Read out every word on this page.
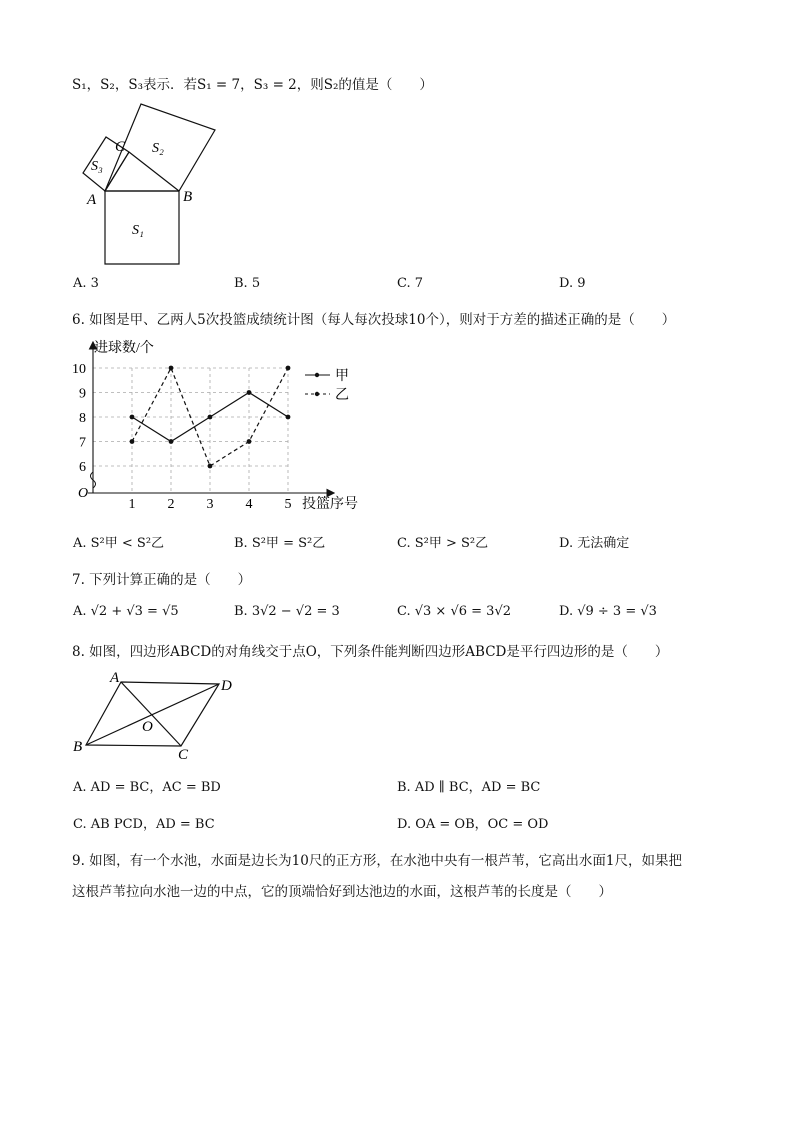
S₁，S₂，S₃表示．若S₁ = 7，S₃ = 2，则S₂的值是（　　）
C
A	B
S₁
S₂
S₃
A. 3	B. 5	C. 7	D. 9
6. 如图是甲、乙两人5次投篮成绩统计图（每人每次投球10个），则对于方差的描述正确的是（　　）
进球数/个
投篮序号
O
6
7
8
9
10
1 2 3 4 5
甲
乙
A. S²甲 < S²乙	B. S²甲 = S²乙	C. S²甲 > S²乙	D. 无法确定
7. 下列计算正确的是（　　）
A. √2 + √3 = √5	B. 3√2 − √2 = 3	C. √3 × √6 = 3√2	D. √9 ÷ 3 = √3
8. 如图，四边形ABCD的对角线交于点O，下列条件能判断四边形ABCD是平行四边形的是（　　）
A
B	C
D
O
A. AD = BC，AC = BD	B. AD ∥ BC，AD = BC
C. AB PCD，AD = BC	D. OA = OB，OC = OD
9. 如图，有一个水池，水面是边长为10尺的正方形，在水池中央有一根芦苇，它高出水面1尺，如果把
这根芦苇拉向水池一边的中点，它的顶端恰好到达池边的水面，这根芦苇的长度是（　　）
